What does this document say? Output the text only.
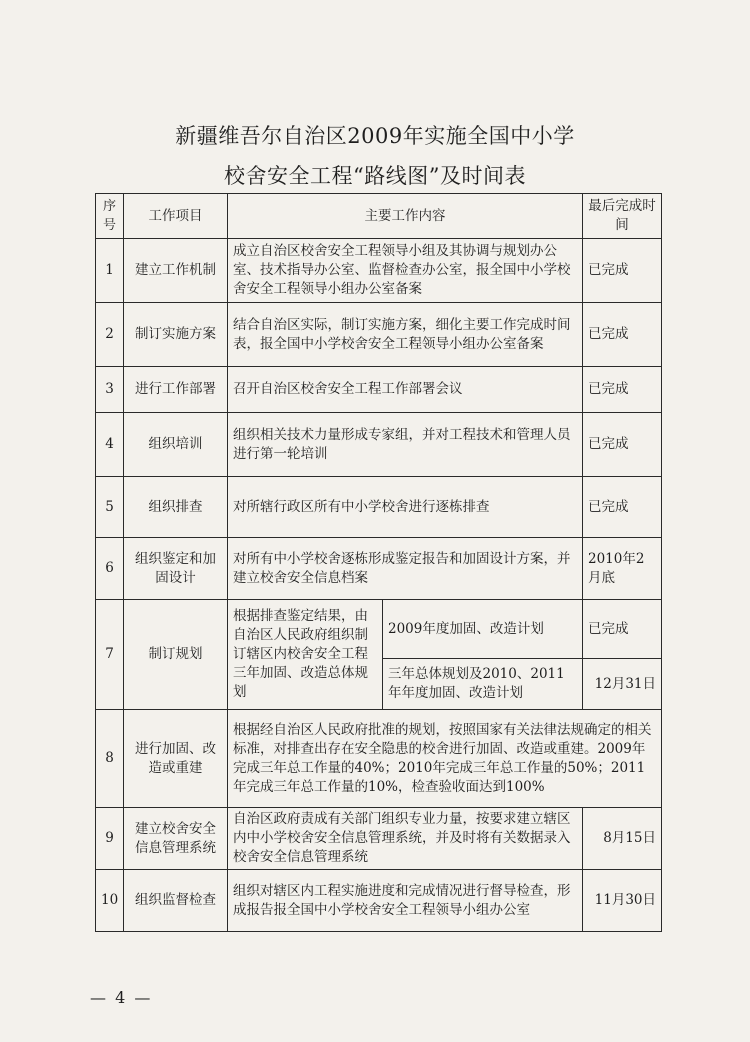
新疆维吾尔自治区2009年实施全国中小学
校舍安全工程“路线图”及时间表
序号	工作项目	主要工作内容		最后完成时间
1	建立工作机制	成立自治区校舍安全工程领导小组及其协调与规划办公室、技术指导办公室、监督检查办公室，报全国中小学校舍安全工程领导小组办公室备案		已完成
2	制订实施方案	结合自治区实际，制订实施方案，细化主要工作完成时间表，报全国中小学校舍安全工程领导小组办公室备案		已完成
3	进行工作部署	召开自治区校舍安全工程工作部署会议		已完成
4	组织培训	组织相关技术力量形成专家组，并对工程技术和管理人员进行第一轮培训		已完成
5	组织排查	对所辖行政区所有中小学校舍进行逐栋排查		已完成
6	组织鉴定和加固设计	对所有中小学校舍逐栋形成鉴定报告和加固设计方案，并建立校舍安全信息档案		2010年2月底
7	制订规划	根据排查鉴定结果，由自治区人民政府组织制订辖区内校舍安全工程三年加固、改造总体规划	2009年度加固、改造计划	已完成
			三年总体规划及2010、2011年年度加固、改造计划	12月31日
8	进行加固、改造或重建	根据经自治区人民政府批准的规划，按照国家有关法律法规确定的相关标准，对排查出存在安全隐患的校舍进行加固、改造或重建。2009年完成三年总工作量的40%；2010年完成三年总工作量的50%；2011年完成三年总工作量的10%，检查验收面达到100%		
9	建立校舍安全信息管理系统	自治区政府责成有关部门组织专业力量，按要求建立辖区内中小学校舍安全信息管理系统，并及时将有关数据录入校舍安全信息管理系统		8月15日
10	组织监督检查	组织对辖区内工程实施进度和完成情况进行督导检查，形成报告报全国中小学校舍安全工程领导小组办公室		11月30日
— 4 —
